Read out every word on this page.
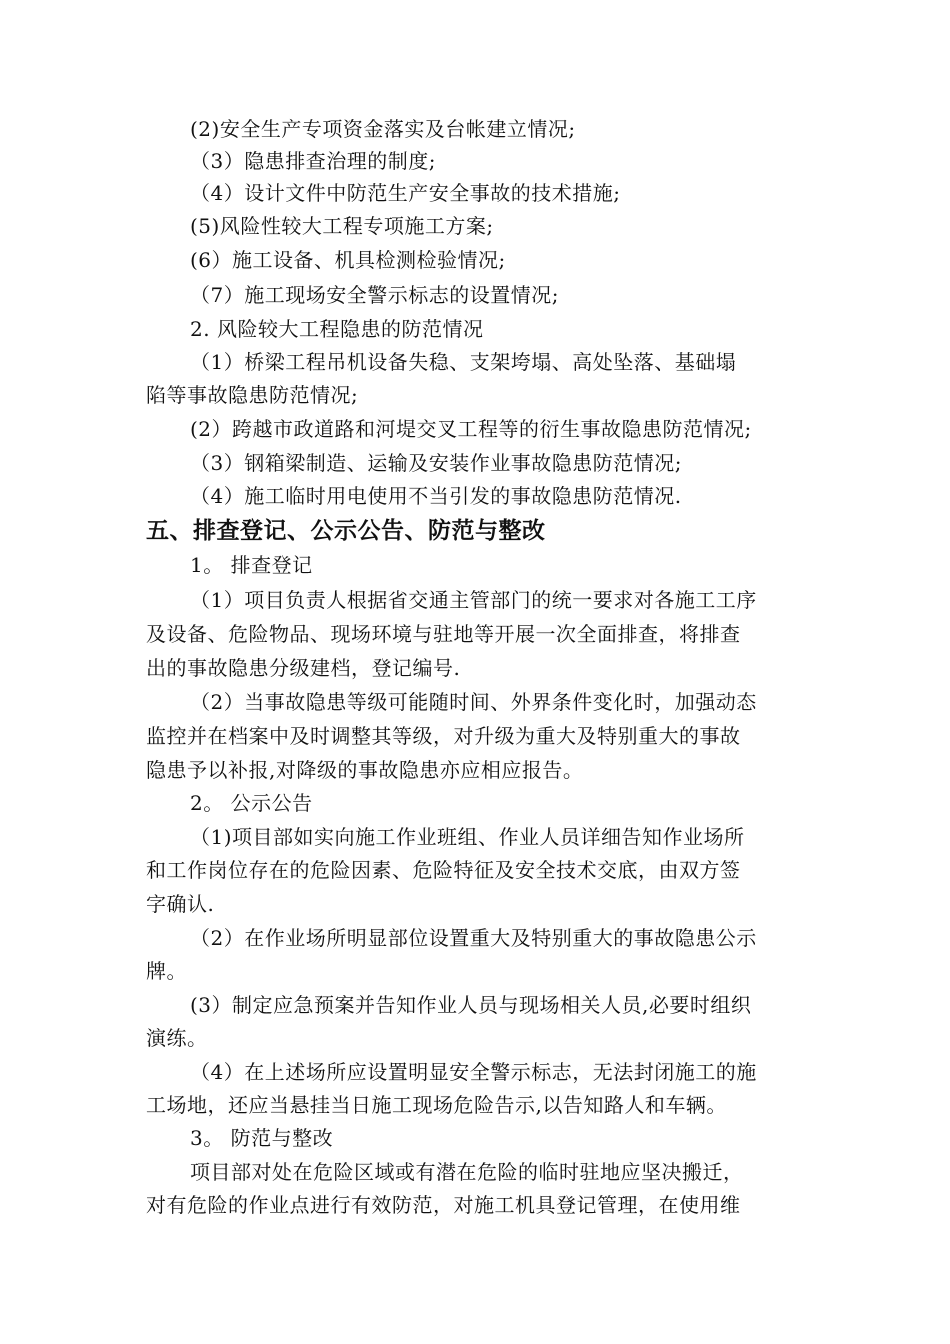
(2)安全生产专项资金落实及台帐建立情况;
（3）隐患排查治理的制度;
（4）设计文件中防范生产安全事故的技术措施;
(5)风险性较大工程专项施工方案;
(6）施工设备、机具检测检验情况;
（7）施工现场安全警示标志的设置情况;
2. 风险较大工程隐患的防范情况
（1）桥梁工程吊机设备失稳、支架垮塌、高处坠落、基础塌
陷等事故隐患防范情况;
(2）跨越市政道路和河堤交叉工程等的衍生事故隐患防范情况;
（3）钢箱梁制造、运输及安装作业事故隐患防范情况;
（4）施工临时用电使用不当引发的事故隐患防范情况.
五、排查登记、公示公告、防范与整改
1。 排查登记
（1）项目负责人根据省交通主管部门的统一要求对各施工工序
及设备、危险物品、现场环境与驻地等开展一次全面排查，将排查
出的事故隐患分级建档，登记编号.
（2）当事故隐患等级可能随时间、外界条件变化时，加强动态
监控并在档案中及时调整其等级，对升级为重大及特别重大的事故
隐患予以补报,对降级的事故隐患亦应相应报告。
2。 公示公告
（1)项目部如实向施工作业班组、作业人员详细告知作业场所
和工作岗位存在的危险因素、危险特征及安全技术交底，由双方签
字确认.
（2）在作业场所明显部位设置重大及特别重大的事故隐患公示
牌。
(3）制定应急预案并告知作业人员与现场相关人员,必要时组织
演练。
（4）在上述场所应设置明显安全警示标志，无法封闭施工的施
工场地，还应当悬挂当日施工现场危险告示,以告知路人和车辆。
3。 防范与整改
项目部对处在危险区域或有潜在危险的临时驻地应坚决搬迁，
对有危险的作业点进行有效防范，对施工机具登记管理，在使用维
